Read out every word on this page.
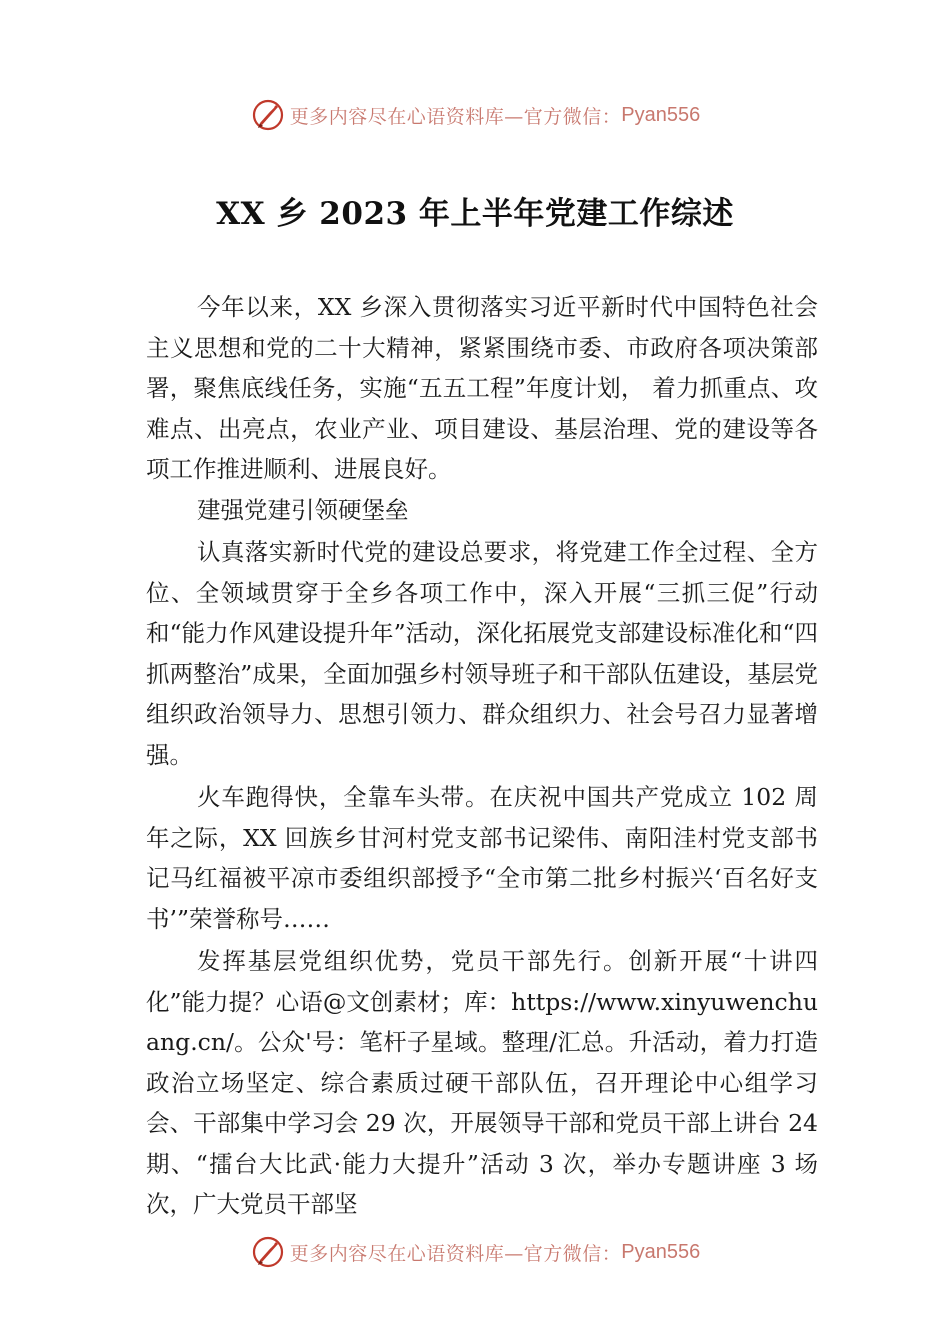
更多内容尽在心语资料库—官方微信： Pyan556
XX 乡 2023 年上半年党建工作综述

今年以来，XX 乡深入贯彻落实习近平新时代中国特色社会主义思想和党的二十大精神，紧紧围绕市委、市政府各项决策部署，聚焦底线任务，实施“五五工程”年度计划， 着力抓重点、攻难点、出亮点，农业产业、项目建设、基层治理、党的建设等各项工作推进顺利、进展良好。

建强党建引领硬堡垒

认真落实新时代党的建设总要求，将党建工作全过程、全方位、全领域贯穿于全乡各项工作中，深入开展“三抓三促”行动和“能力作风建设提升年”活动，深化拓展党支部建设标准化和“四抓两整治”成果，全面加强乡村领导班子和干部队伍建设，基层党组织政治领导力、思想引领力、群众组织力、社会号召力显著增强。

火车跑得快，全靠车头带。在庆祝中国共产党成立 102 周年之际，XX 回族乡甘河村党支部书记梁伟、南阳洼村党支部书记马红福被平凉市委组织部授予“全市第二批乡村振兴‘百名好支书’”荣誉称号……

发挥基层党组织优势，党员干部先行。创新开展“十讲四化”能力提？心语@文创素材；库：https://www.xinyuwenchuang.cn/。公众'号：笔杆子星域。整理/汇总。升活动，着力打造政治立场坚定、综合素质过硬干部队伍，召开理论中心组学习会、干部集中学习会 29 次，开展领导干部和党员干部上讲台 24 期、“擂台大比武·能力大提升”活动 3 次，举办专题讲座 3 场次，广大党员干部坚

更多内容尽在心语资料库—官方微信： Pyan556
